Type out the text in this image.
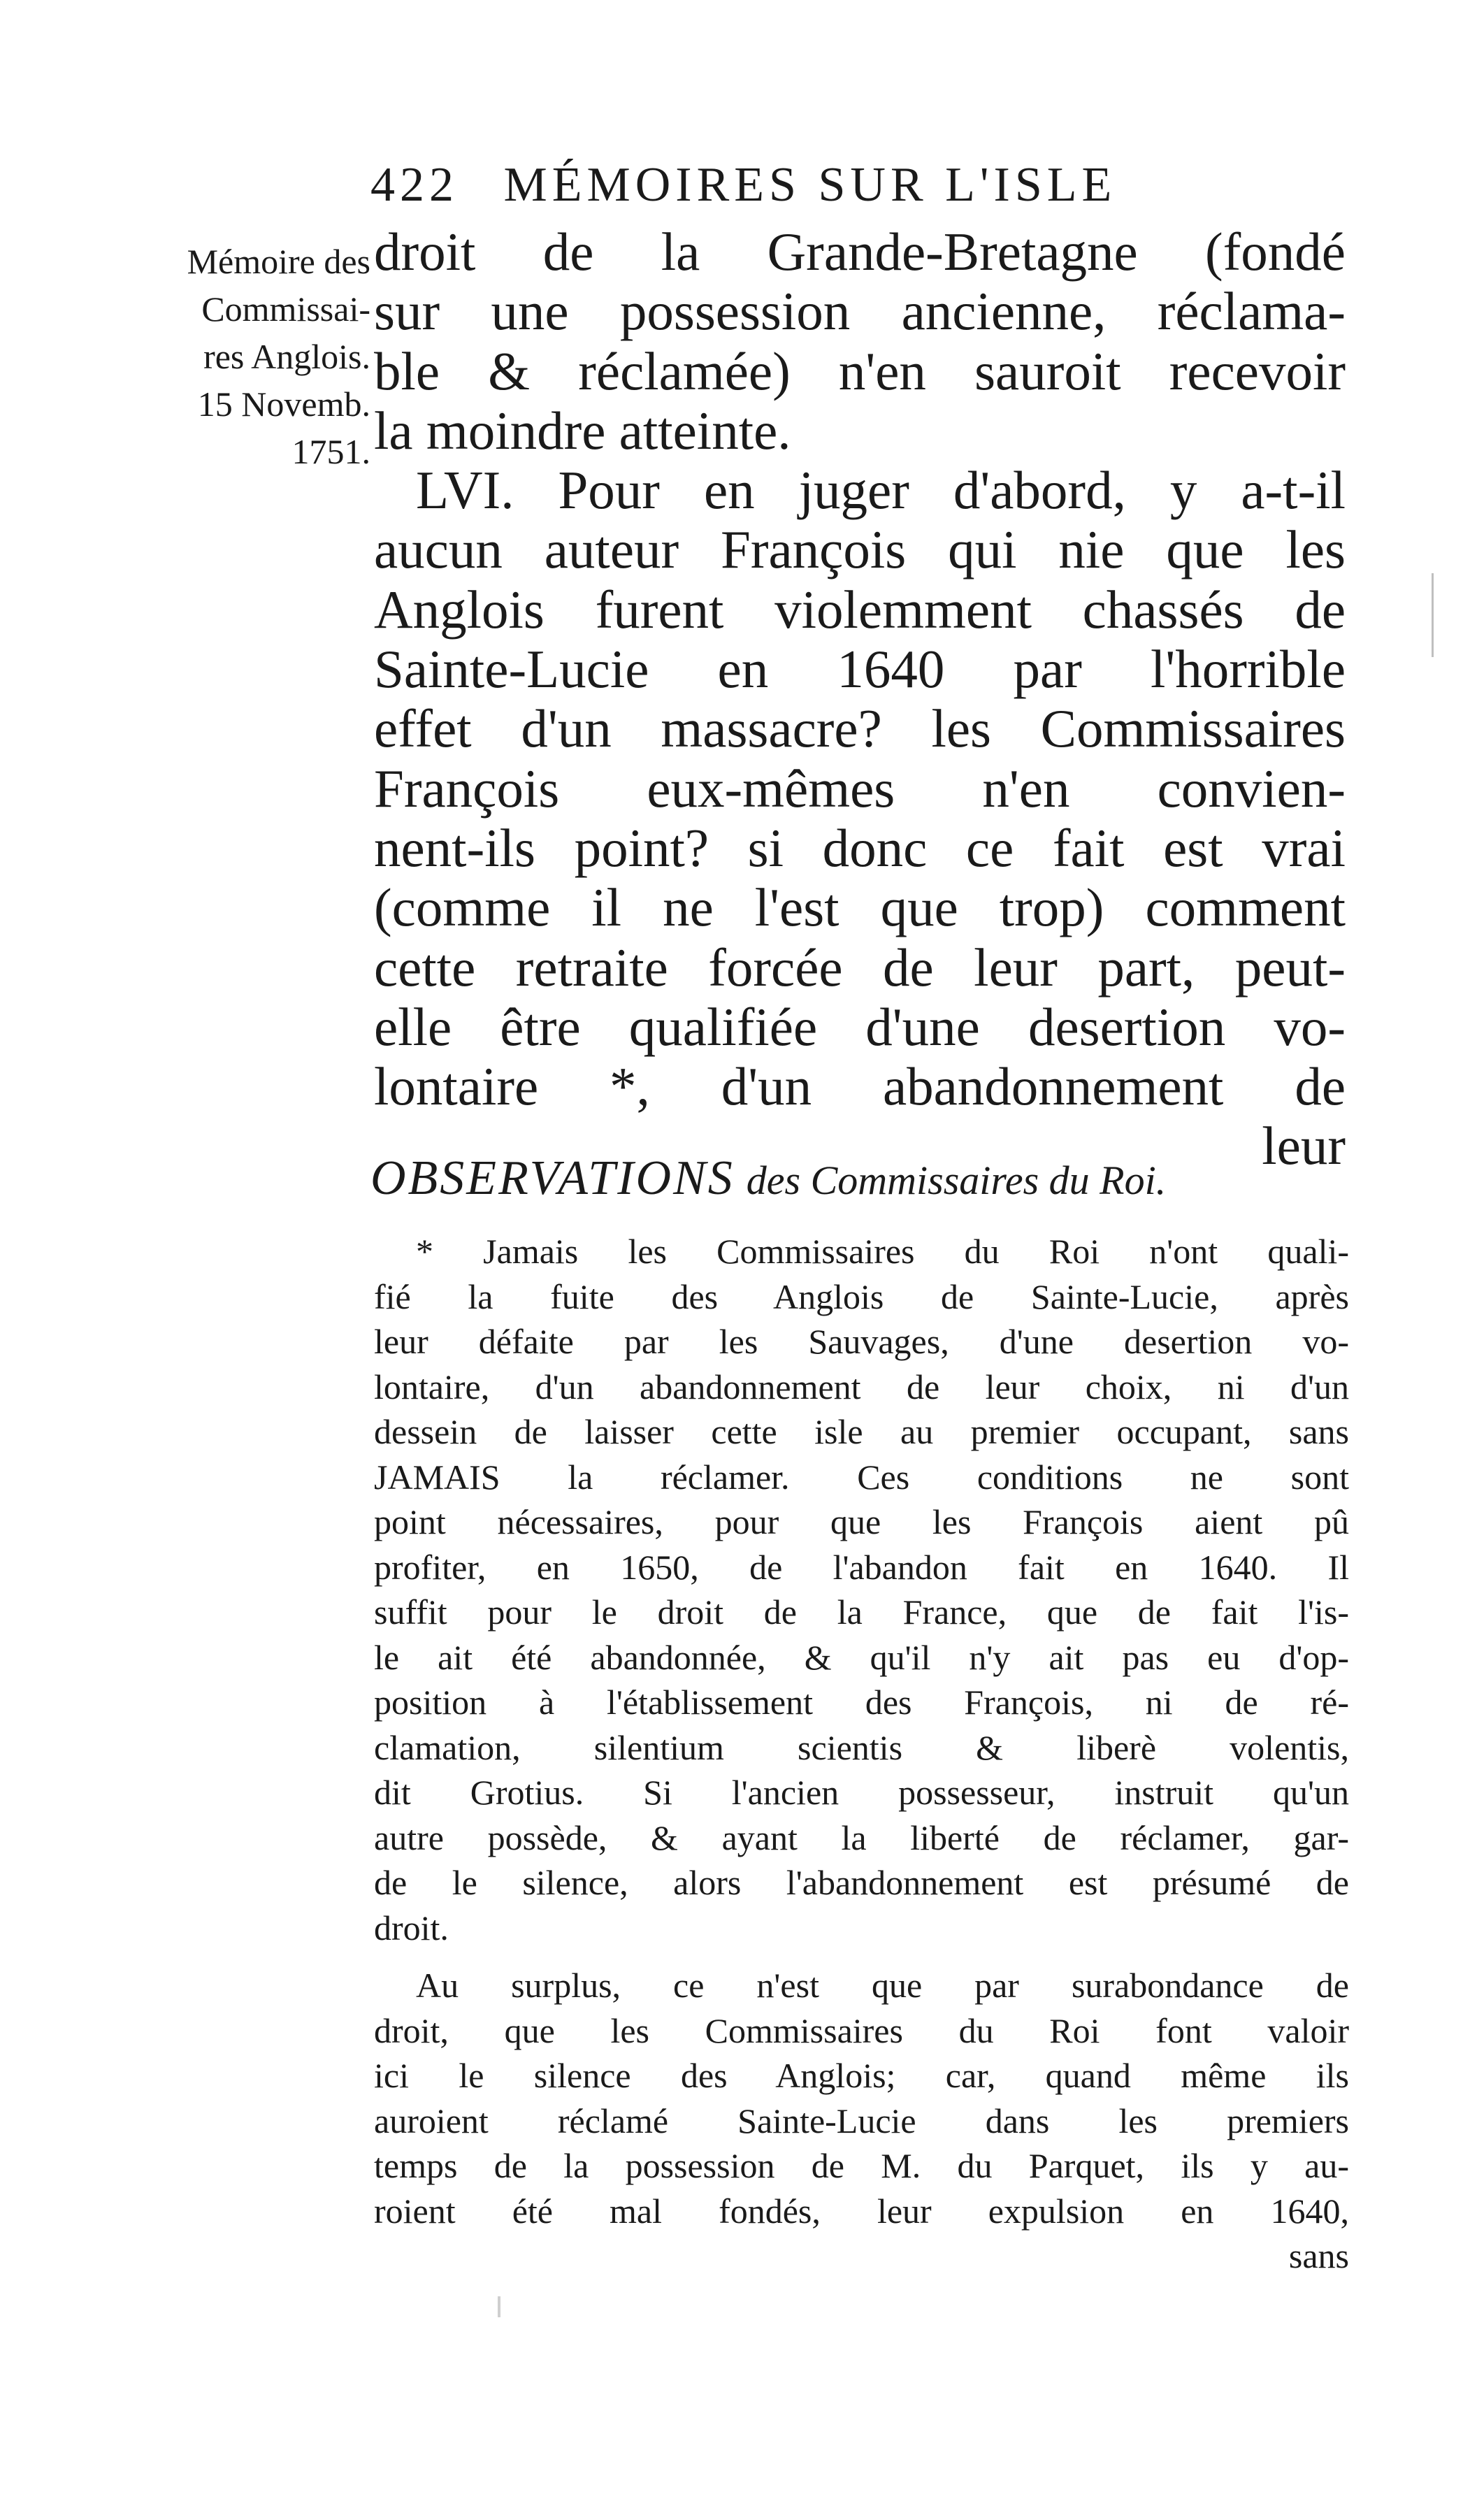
422 MÉMOIRES SUR L'ISLE
Mémoire des
Commissai-
res Anglois.
15 Novemb.
1751.
droit de la Grande-Bretagne (fondé
sur une possession ancienne, réclama-
ble & réclamée) n'en sauroit recevoir
la moindre atteinte.
LVI. Pour en juger d'abord, y a-t-il
aucun auteur François qui nie que les
Anglois furent violemment chassés de
Sainte-Lucie en 1640 par l'horrible
effet d'un massacre? les Commissaires
François eux-mêmes n'en convien-
nent-ils point? si donc ce fait est vrai
(comme il ne l'est que trop) comment
cette retraite forcée de leur part, peut-
elle être qualifiée d'une desertion vo-
lontaire *, d'un abandonnement de
leur
OBSERVATIONS des Commissaires du Roi.
* Jamais les Commissaires du Roi n'ont quali-
fié la fuite des Anglois de Sainte-Lucie, après
leur défaite par les Sauvages, d'une desertion vo-
lontaire, d'un abandonnement de leur choix, ni d'un
dessein de laisser cette isle au premier occupant, sans
JAMAIS la réclamer. Ces conditions ne sont
point nécessaires, pour que les François aient pû
profiter, en 1650, de l'abandon fait en 1640. Il
suffit pour le droit de la France, que de fait l'is-
le ait été abandonnée, & qu'il n'y ait pas eu d'op-
position à l'établissement des François, ni de ré-
clamation, silentium scientis & liberè volentis,
dit Grotius. Si l'ancien possesseur, instruit qu'un
autre possède, & ayant la liberté de réclamer, gar-
de le silence, alors l'abandonnement est présumé de
droit.
Au surplus, ce n'est que par surabondance de
droit, que les Commissaires du Roi font valoir
ici le silence des Anglois; car, quand même ils
auroient réclamé Sainte-Lucie dans les premiers
temps de la possession de M. du Parquet, ils y au-
roient été mal fondés, leur expulsion en 1640,
sans
